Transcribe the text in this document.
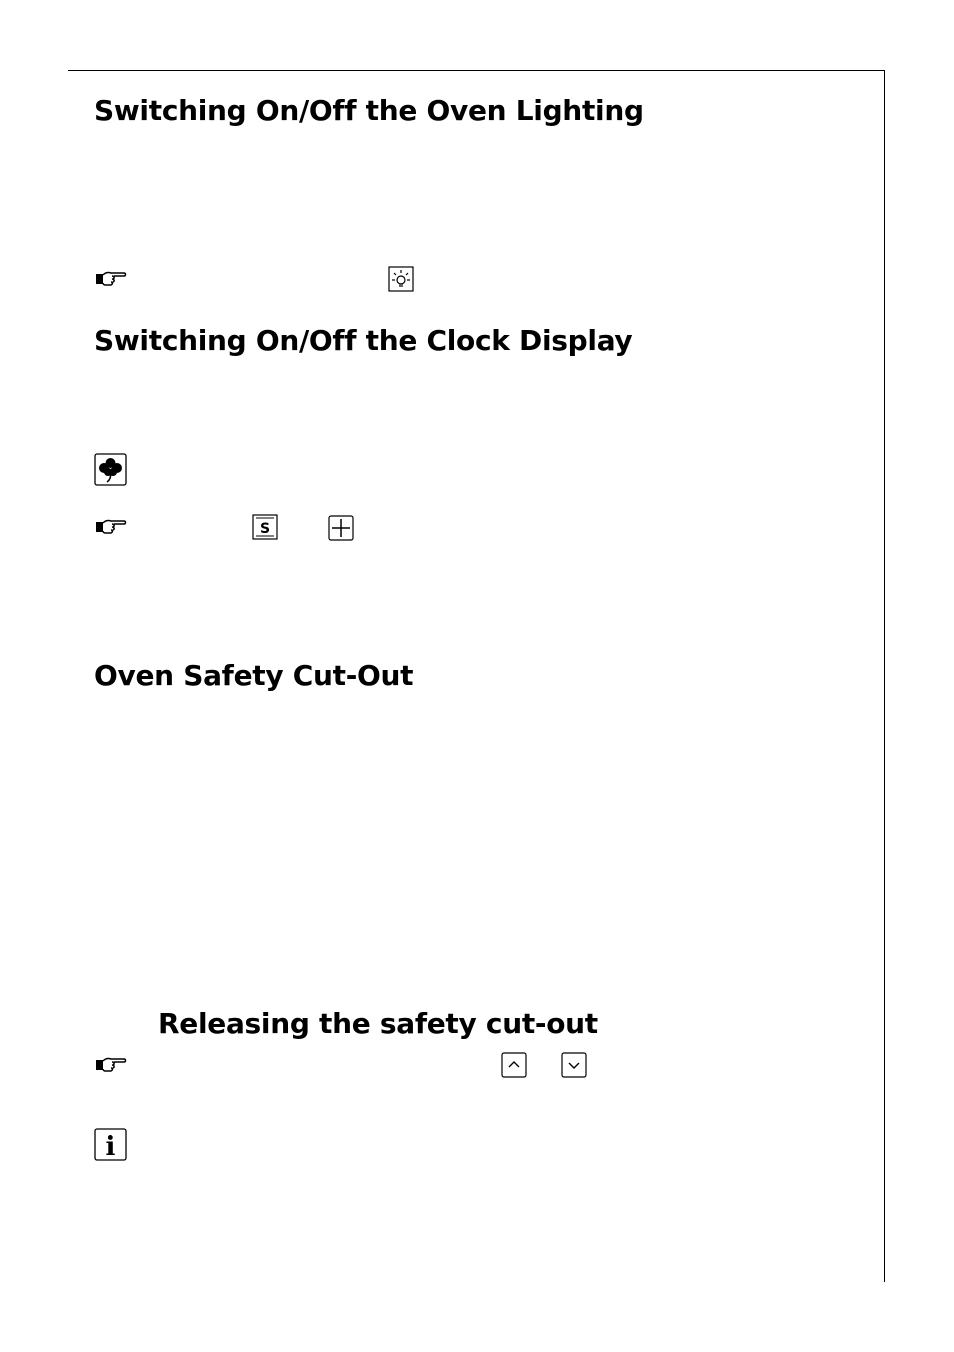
Switching On/Off the Oven Lighting
Switching On/Off the Clock Display
S
Oven Safety Cut-Out
Releasing the safety cut-out
i
